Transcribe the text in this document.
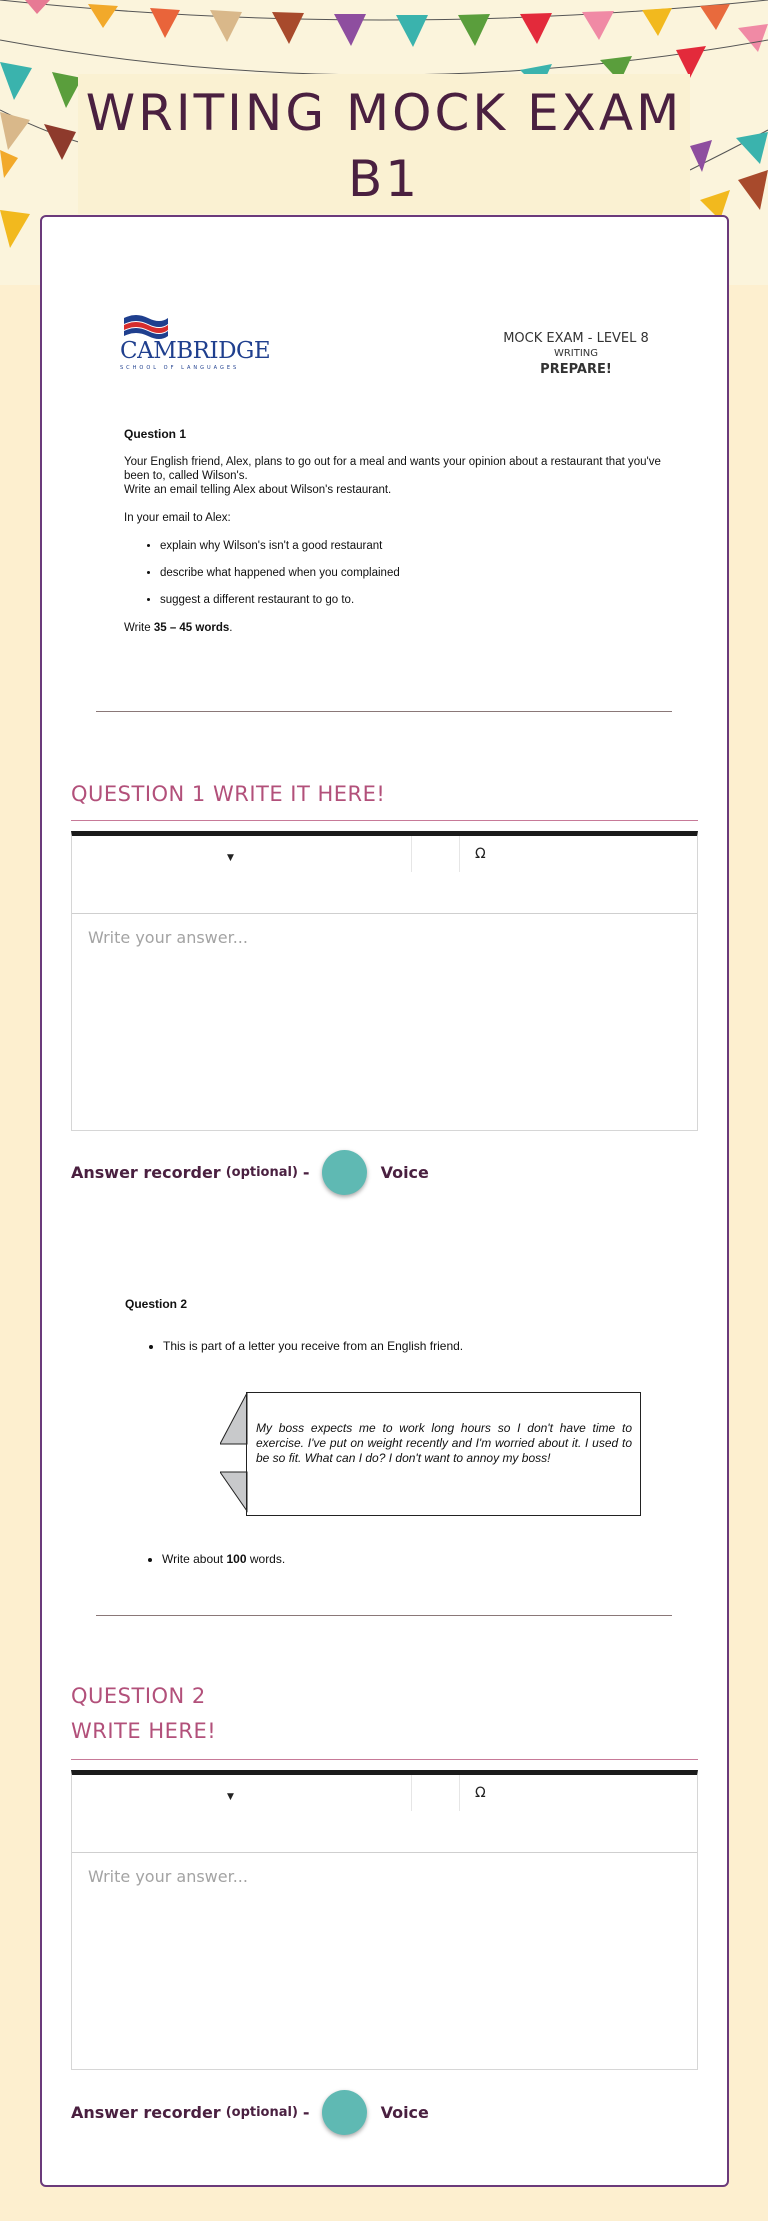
WRITING MOCK EXAM B1
CAMBRIDGE
SCHOOL OF LANGUAGES
MOCK EXAM - LEVEL 8
WRITING
PREPARE!
Question 1

Your English friend, Alex, plans to go out for a meal and wants your opinion about a restaurant that you've been to, called Wilson's.

Write an email telling Alex about Wilson's restaurant.

In your email to Alex:

• explain why Wilson's isn't a good restaurant
• describe what happened when you complained
• suggest a different restaurant to go to.

Write 35 – 45 words.

QUESTION 1 WRITE IT HERE!
▼	Ω
Write your answer...
Answer recorder (optional) -	Voice
Question 2
• This is part of a letter you receive from an English friend.
My boss expects me to work long hours so I don't have time to exercise. I've put on weight recently and I'm worried about it. I used to be so fit. What can I do? I don't want to annoy my boss!
• Write about 100 words.
QUESTION 2
WRITE HERE!
▼	Ω
Write your answer...
Answer recorder (optional) -	Voice
